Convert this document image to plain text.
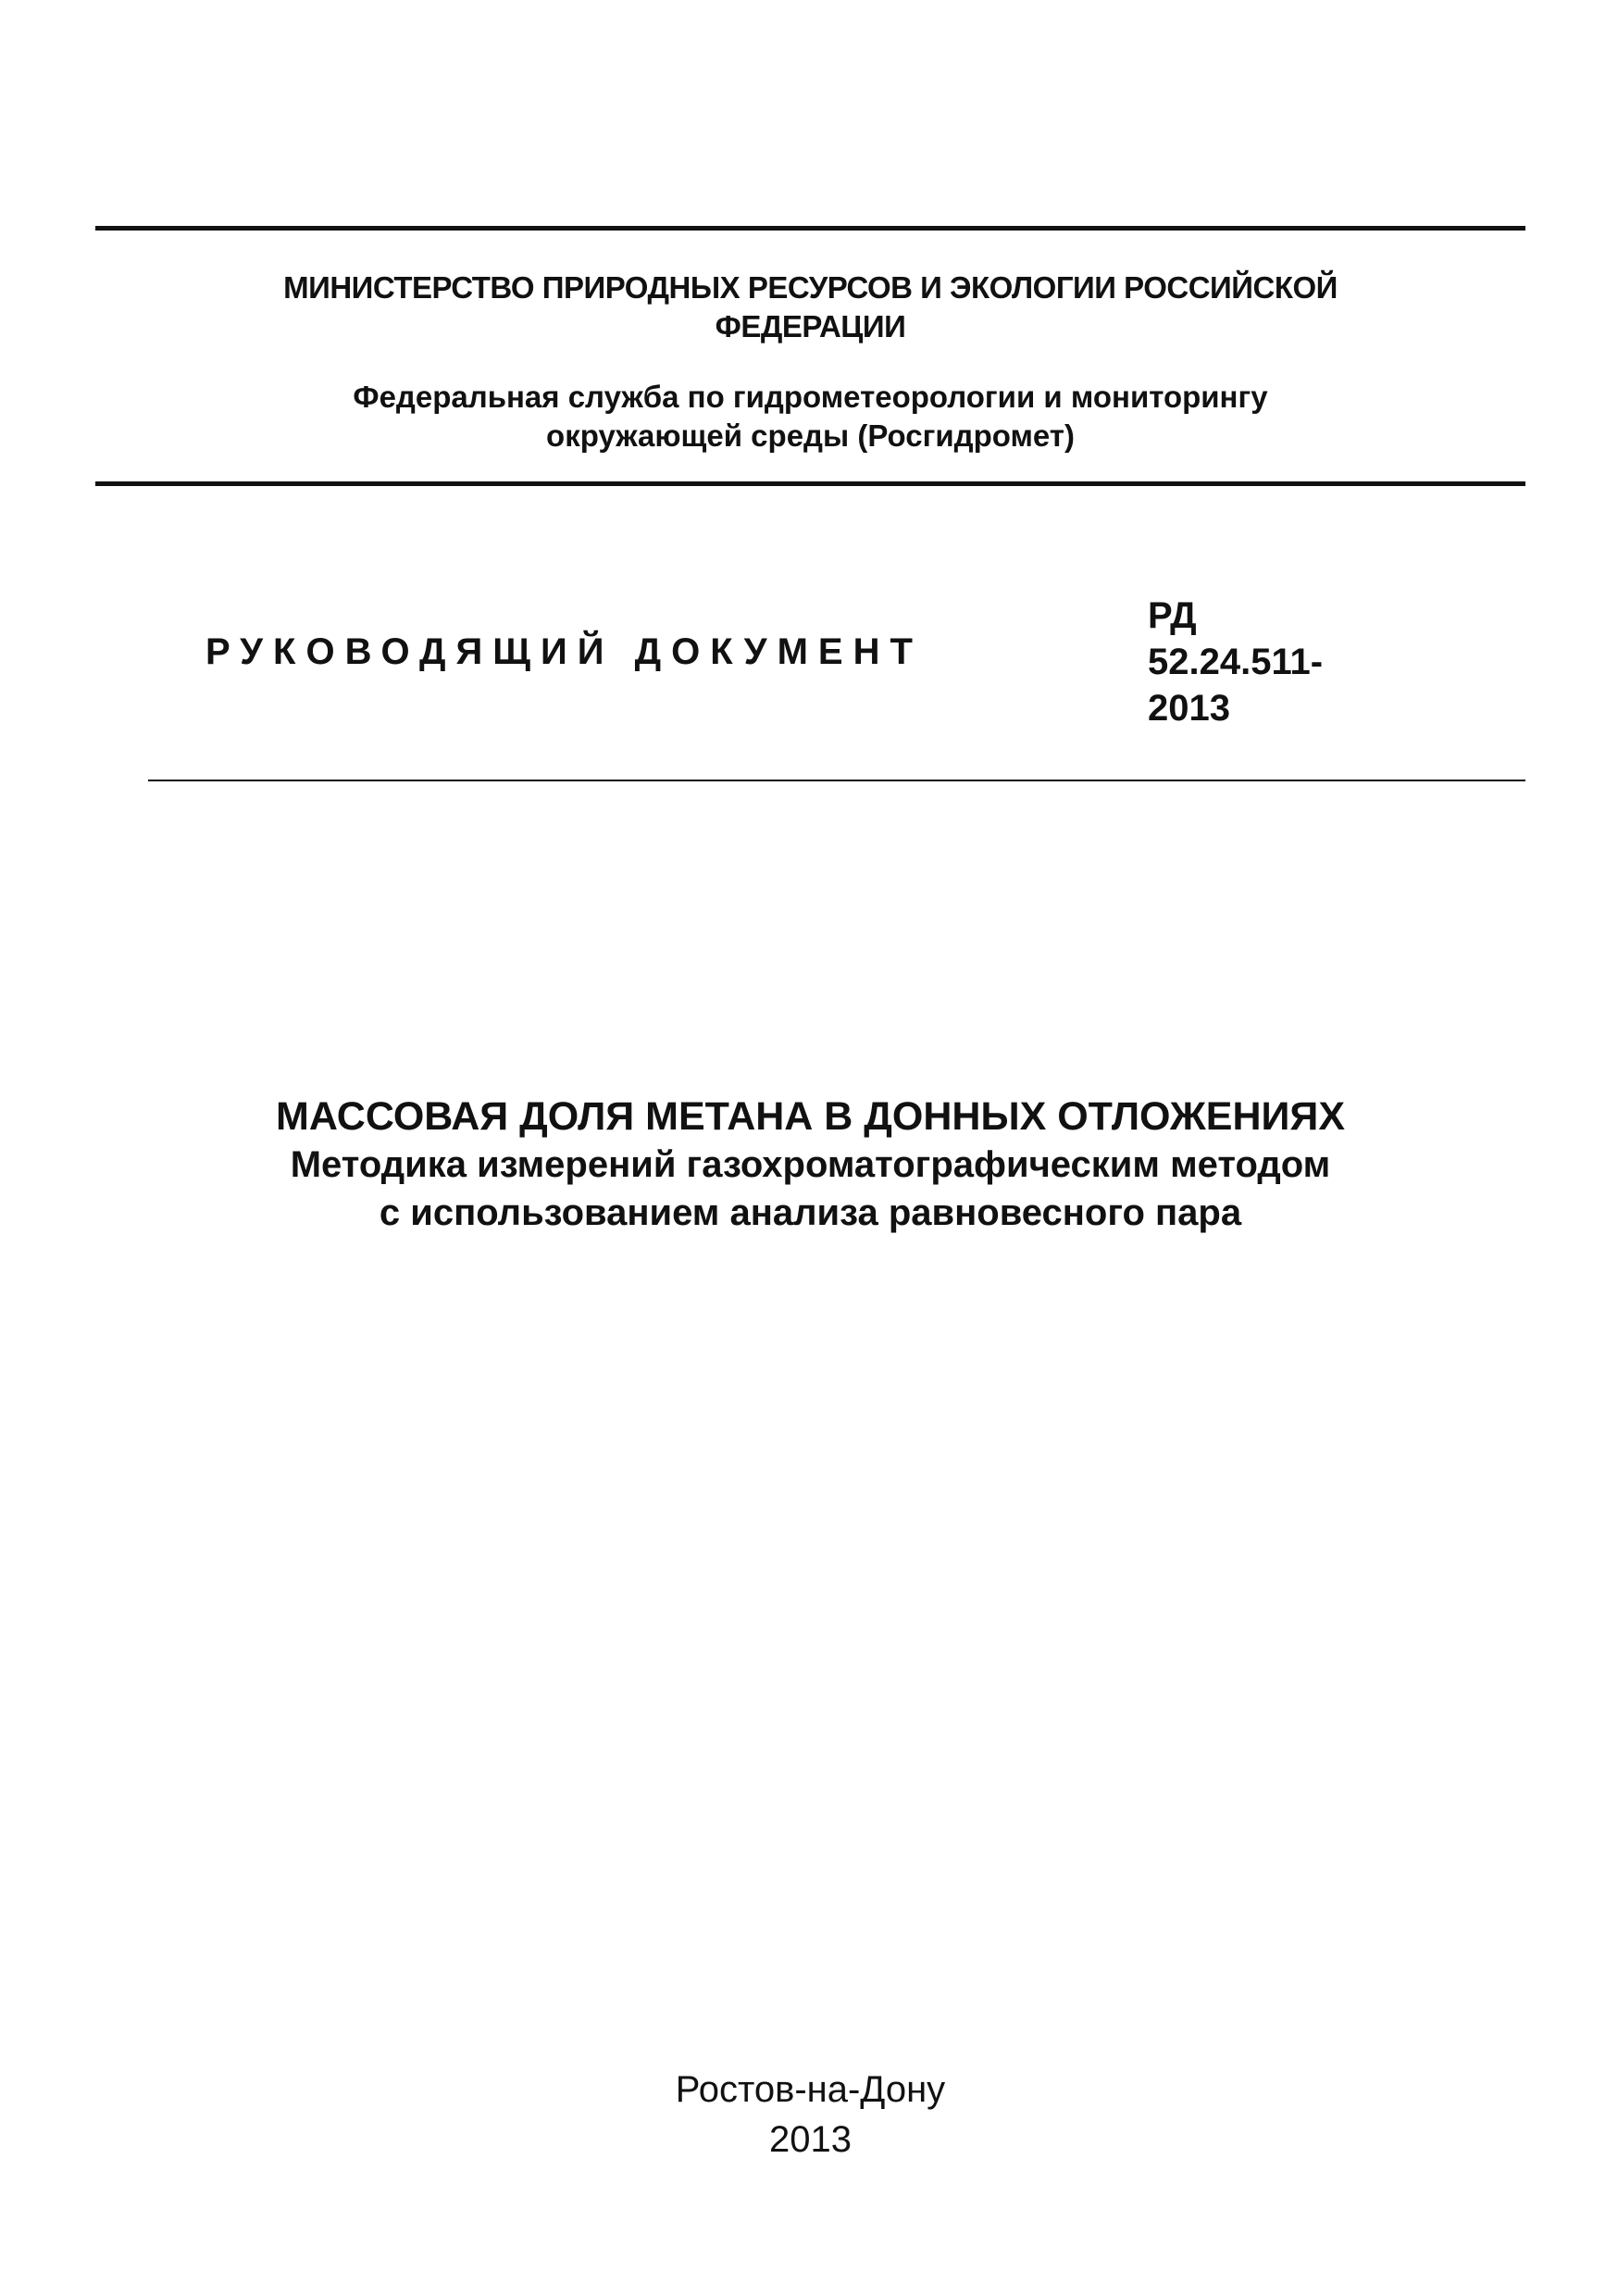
МИНИСТЕРСТВО ПРИРОДНЫХ РЕСУРСОВ И ЭКОЛОГИИ РОССИЙСКОЙ
ФЕДЕРАЦИИ
Федеральная служба по гидрометеорологии и мониторингу
окружающей среды (Росгидромет)
РУКОВОДЯЩИЙ ДОКУМЕНТ
РД
52.24.511-
2013
МАССОВАЯ ДОЛЯ МЕТАНА В ДОННЫХ ОТЛОЖЕНИЯХ
Методика измерений газохроматографическим методом
с использованием анализа равновесного пара
Ростов-на-Дону
2013
